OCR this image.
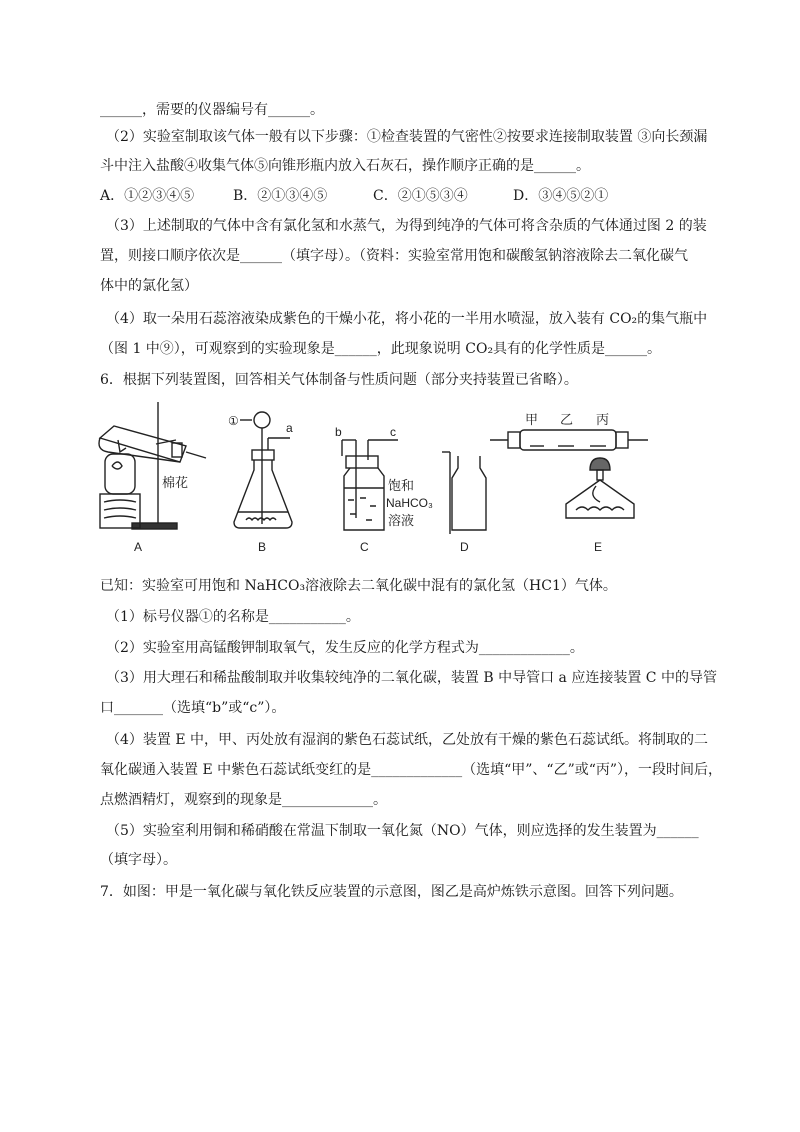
______，需要的仪器编号有______。
（2）实验室制取该气体一般有以下步骤：①检查装置的气密性②按要求连接制取装置 ③向长颈漏
斗中注入盐酸④收集气体⑤向锥形瓶内放入石灰石，操作顺序正确的是______。
A．①②③④⑤	B．②①③④⑤	C．②①⑤③④	D．③④⑤②①
（3）上述制取的气体中含有氯化氢和水蒸气，为得到纯净的气体可将含杂质的气体通过图 2 的装
置，则接口顺序依次是______（填字母）。（资料：实验室常用饱和碳酸氢钠溶液除去二氧化碳气
体中的氯化氢）
（4）取一朵用石蕊溶液染成紫色的干燥小花，将小花的一半用水喷湿，放入装有 CO₂的集气瓶中
（图 1 中⑨），可观察到的实验现象是______，此现象说明 CO₂具有的化学性质是______。
6．根据下列装置图，回答相关气体制备与性质问题（部分夹持装置已省略）。
棉花
①	a	b	c
饱和
NaHCO₃
溶液
甲 乙 丙
A	B	C	D	E
已知：实验室可用饱和 NaHCO₃溶液除去二氧化碳中混有的氯化氢（HC1）气体。
（1）标号仪器①的名称是___________。
（2）实验室用高锰酸钾制取氧气，发生反应的化学方程式为_____________。
（3）用大理石和稀盐酸制取并收集较纯净的二氧化碳，装置 B 中导管口 a 应连接装置 C 中的导管
口_______（选填“b”或“c”）。
（4）装置 E 中，甲、丙处放有湿润的紫色石蕊试纸，乙处放有干燥的紫色石蕊试纸。将制取的二
氧化碳通入装置 E 中紫色石蕊试纸变红的是_____________（选填“甲”、“乙”或“丙”），一段时间后，
点燃酒精灯，观察到的现象是_____________。
（5）实验室利用铜和稀硝酸在常温下制取一氧化氮（NO）气体，则应选择的发生装置为______
（填字母）。
7．如图：甲是一氧化碳与氧化铁反应装置的示意图，图乙是高炉炼铁示意图。回答下列问题。
